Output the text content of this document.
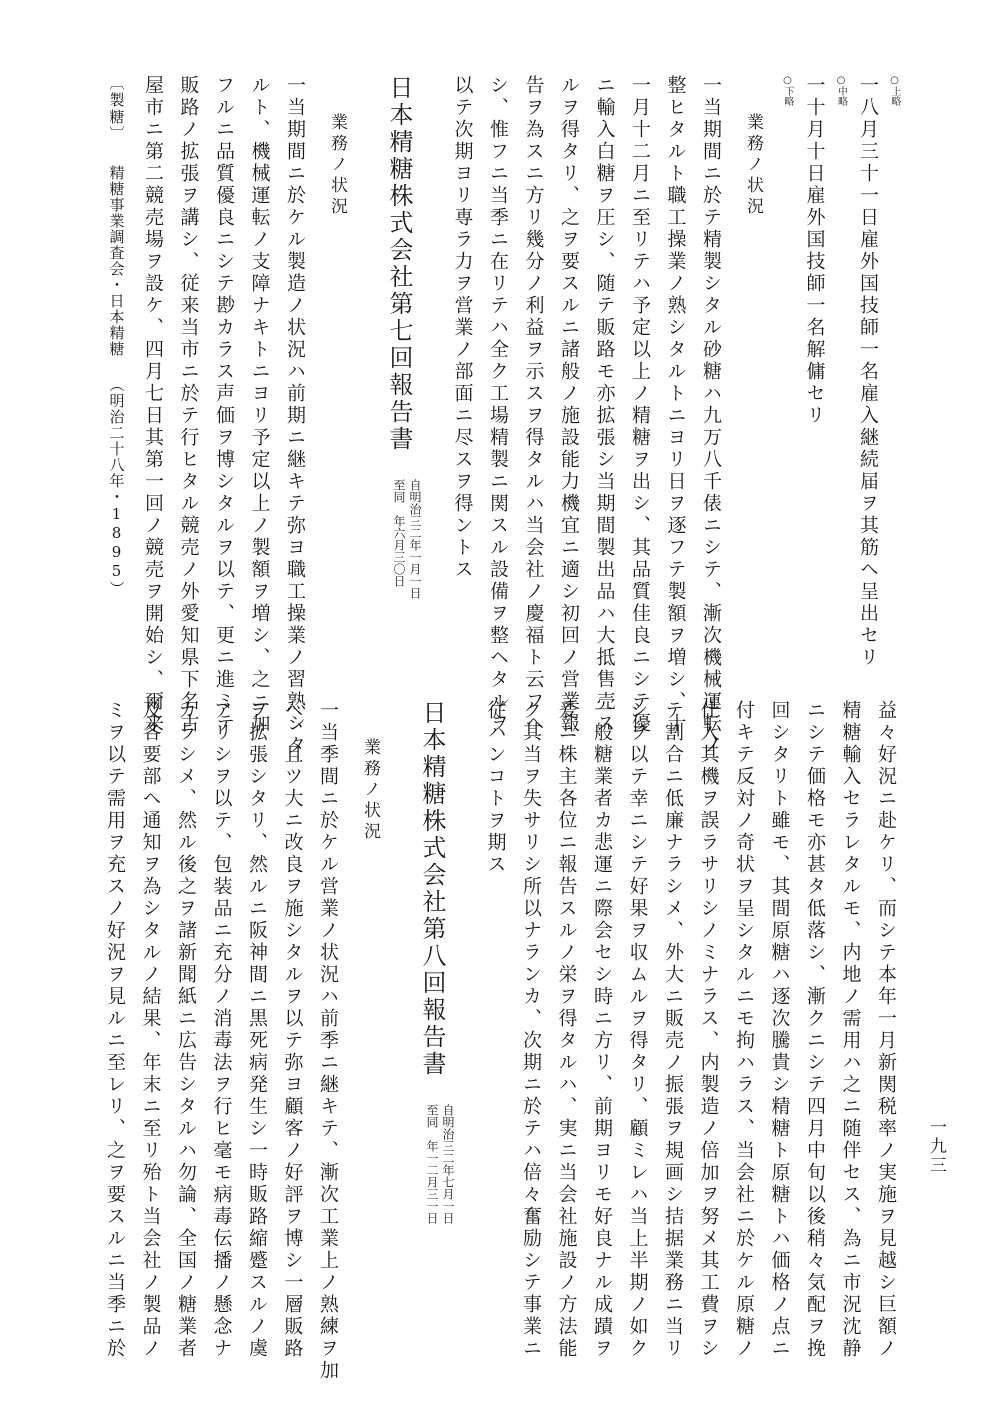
○上略
一八月三十一日雇外国技師一名雇入継続届ヲ其筋ヘ呈出セリ
○中略
一十月十日雇外国技師一名解傭セリ
○下略
業務ノ状況
一当期間ニ於テ精製シタル砂糖ハ九万八千俵ニシテ、漸次機械運転ノ
整ヒタルト職工操業ノ熟シタルトニヨリ日ヲ逐フテ製額ヲ増シ、十
一月十二月ニ至リテハ予定以上ノ精糖ヲ出シ、其品質佳良ニシテ優
ニ輸入白糖ヲ圧シ、随テ販路モ亦拡張シ当期間製出品ハ大抵售売ス
ルヲ得タリ、之ヲ要スルニ諸般ノ施設能力機宜ニ適シ初回ノ営業報
告ヲ為スニ方リ幾分ノ利益ヲ示スヲ得タルハ当会社ノ慶福ト云フヘ
シ、惟フニ当季ニ在リテハ全ク工場精製ニ関スル設備ヲ整ヘタルヲ
以テ次期ヨリ専ラ力ヲ営業ノ部面ニ尽スヲ得ントス
日本精糖株式会社第七回報告書
自明治三二年一月一日
至同　年六月三〇日
業務ノ状況
一当期間ニ於ケル製造ノ状況ハ前期ニ継キテ弥ヨ職工操業ノ習熟シタ
ルト、機械運転ノ支障ナキトニヨリ予定以上ノ製額ヲ増シ、之ニ加
フルニ品質優良ニシテ尠カラス声価ヲ博シタルヲ以テ、更ニ進ミテ
販路ノ拡張ヲ講シ、従来当市ニ於テ行ヒタル競売ノ外愛知県下名古
屋市ニ第二競売場ヲ設ケ、四月七日其第一回ノ競売ヲ開始シ、爾来
〔製糖〕精糖事業調査会・日本精糖（明治二十八年・1895）
益々好況ニ赴ケリ、而シテ本年一月新関税率ノ実施ヲ見越シ巨額ノ
精糖輸入セラレタルモ、内地ノ需用ハ之ニ随伴セス、為ニ市況沈静
ニシテ価格モ亦甚タ低落シ、漸クニシテ四月中旬以後稍々気配ヲ挽
回シタリト雖モ、其間原糖ハ逐次騰貴シ精糖ト原糖トハ価格ノ点ニ
付キテ反対ノ奇状ヲ呈シタルニモ拘ハラス、当会社ニ於ケル原糖ノ
仕入其機ヲ誤ラサリシノミナラス、内製造ノ倍加ヲ努メ其工費ヲシ
テ割合ニ低廉ナラシメ、外大ニ販売ノ振張ヲ規画シ拮据業務ニ当リ
シヲ以テ幸ニシテ好果ヲ収ムルヲ得タリ、顧ミレハ当上半期ノ如ク
一般糖業者カ悲運ニ際会セシ時ニ方リ、前期ヨリモ好良ナル成蹟ヲ
爰ニ株主各位ニ報告スルノ栄ヲ得タルハ、実ニ当会社施設ノ方法能
ク其当ヲ失サリシ所以ナランカ、次期ニ於テハ倍々奮励シテ事業ニ
従ハンコトヲ期ス
日本精糖株式会社第八回報告書
自明治三二年七月一日
至同　年一二月三一日
業務ノ状況
一当季間ニ於ケル営業ノ状況ハ前季ニ継キテ、漸次工業上ノ熟練ヲ加
ヘ、且ツ大ニ改良ヲ施シタルヲ以テ弥ヨ顧客ノ好評ヲ博シ一層販路
ヲ拡張シタリ、然ルニ阪神間ニ黒死病発生シ一時販路縮蹙スルノ虞
アリシヲ以テ、包装品ニ充分ノ消毒法ヲ行ヒ毫モ病毒伝播ノ懸念ナ
カラシメ、然ル後之ヲ諸新聞紙ニ広告シタルハ勿論、全国ノ糖業者
及各要部ヘ通知ヲ為シタルノ結果、年末ニ至リ殆ト当会社ノ製品ノ
ミヲ以テ需用ヲ充スノ好況ヲ見ルニ至レリ、之ヲ要スルニ当季ニ於	一九三
